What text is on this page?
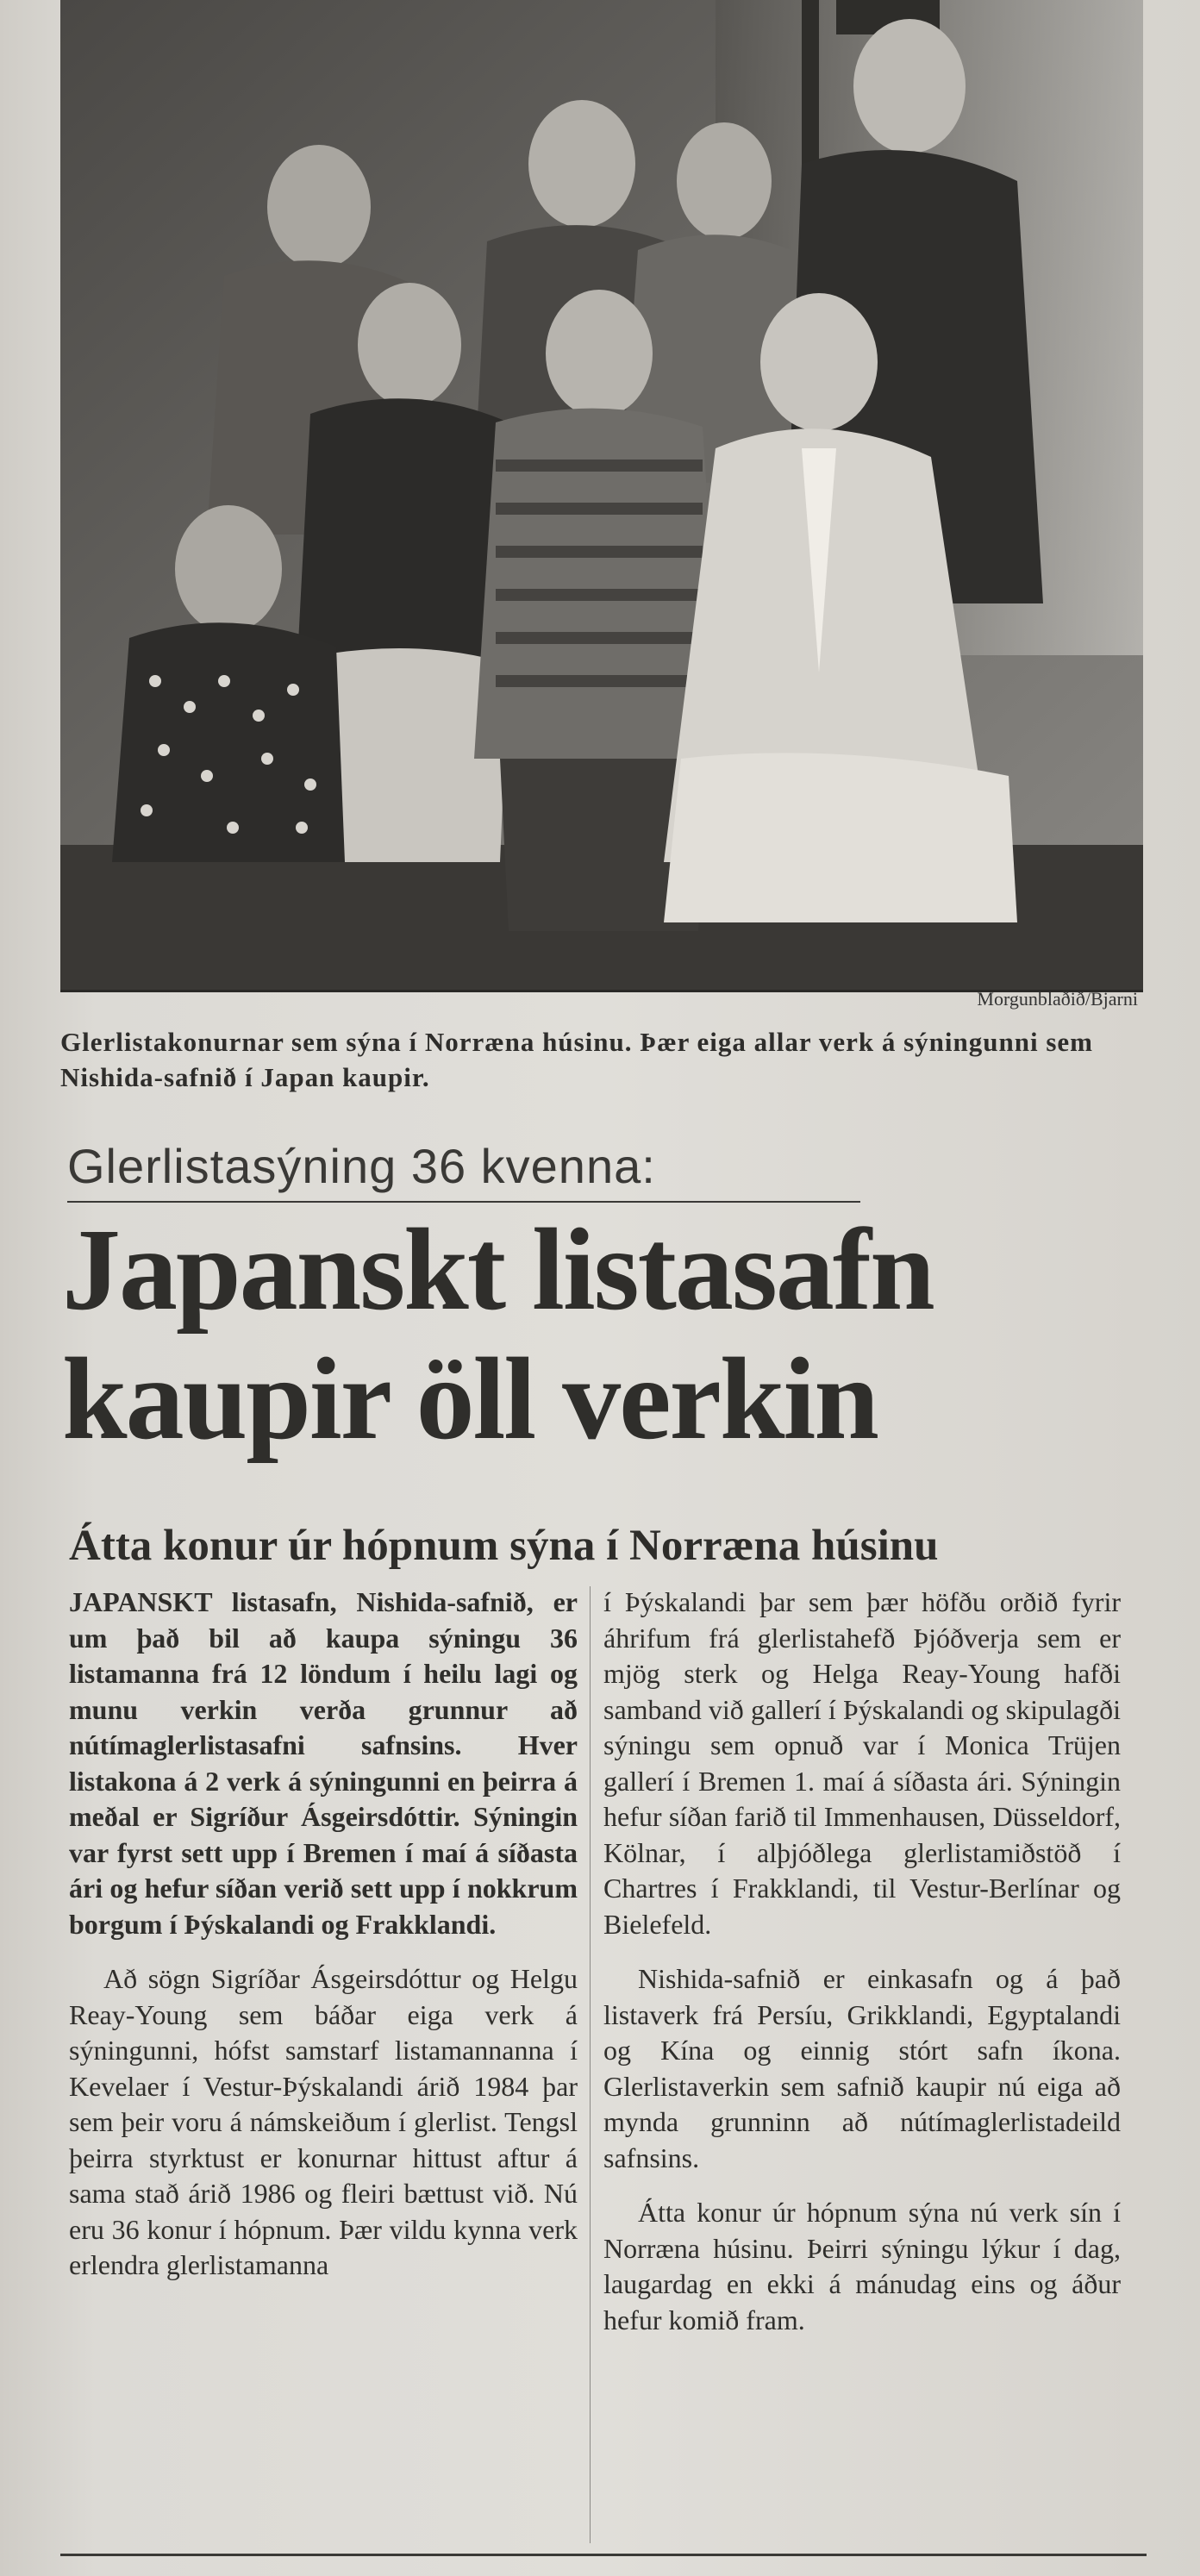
Morgunblaðið/Bjarni
Glerlistakonurnar sem sýna í Norræna húsinu. Þær eiga allar verk á sýningunni sem Nishida-safnið í Japan kaupir.
Glerlistasýning 36 kvenna:
Japanskt listasafn
kaupir öll verkin
Átta konur úr hópnum sýna í Norræna húsinu

JAPANSKT listasafn, Nishida-safnið, er um það bil að kaupa sýningu 36 listamanna frá 12 löndum í heilu lagi og munu verkin verða grunnur að nútímaglerlistasafni safnsins. Hver listakona á 2 verk á sýningunni en þeirra á meðal er Sigríður Ásgeirsdóttir. Sýningin var fyrst sett upp í Bremen í maí á síðasta ári og hefur síðan verið sett upp í nokkrum borgum í Þýskalandi og Frakklandi.

Að sögn Sigríðar Ásgeirsdóttur og Helgu Reay-Young sem báðar eiga verk á sýningunni, hófst samstarf listamannanna í Kevelaer í Vestur-Þýskalandi árið 1984 þar sem þeir voru á námskeiðum í glerlist. Tengsl þeirra styrktust er konurnar hittust aftur á sama stað árið 1986 og fleiri bættust við. Nú eru 36 konur í hópnum. Þær vildu kynna verk erlendra glerlistamanna

í Þýskalandi þar sem þær höfðu orðið fyrir áhrifum frá glerlistahefð Þjóðverja sem er mjög sterk og Helga Reay-Young hafði samband við gallerí í Þýskalandi og skipulagði sýningu sem opnuð var í Monica Trüjen gallerí í Bremen 1. maí á síðasta ári. Sýningin hefur síðan farið til Immenhausen, Düsseldorf, Kölnar, í alþjóðlega glerlistamiðstöð í Chartres í Frakklandi, til Vestur-Berlínar og Bielefeld.

Nishida-safnið er einkasafn og á það listaverk frá Persíu, Grikklandi, Egyptalandi og Kína og einnig stórt safn íkona. Glerlistaverkin sem safnið kaupir nú eiga að mynda grunninn að nútímaglerlistadeild safnsins.

Átta konur úr hópnum sýna nú verk sín í Norræna húsinu. Þeirri sýningu lýkur í dag, laugardag en ekki á mánudag eins og áður hefur komið fram.
